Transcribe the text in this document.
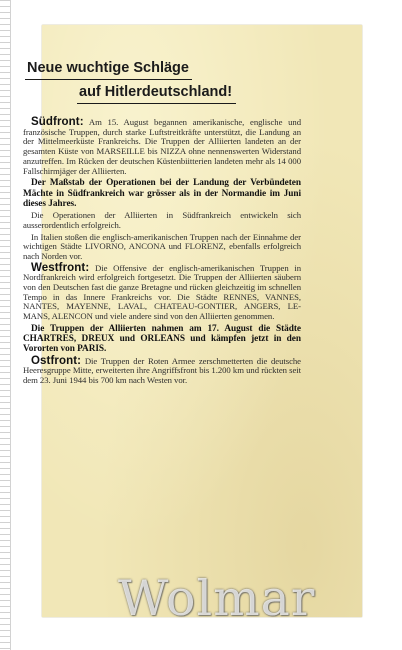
Neue wuchtige Schläge
auf Hitlerdeutschland!

Südfront: Am 15. August begannen amerikanische, englische und französische Truppen, durch starke Luftstreitkräfte unterstützt, die Landung an der Mittelmeerküste Frankreichs. Die Truppen der Alliierten landeten an der gesamten Küste von MARSEILLE bis NIZZA ohne nennenswerten Widerstand anzutreffen. Im Rücken der deutschen Küstenbiitterien landeten mehr als 14 000 Fallschirmjäger der Alliierten.

Der Maßstab der Operationen bei der Landung der Verbündeten Mächte in Südfrankreich war grösser als in der Normandie im Juni dieses Jahres.

Die Operationen der Alliierten in Südfrankreich entwickeln sich ausserordentlich erfolgreich.

In Italien stoßen die englisch-amerikanischen Truppen nach der Einnahme der wichtigen Städte LIVORNO, ANCONA und FLORENZ, ebenfalls erfolgreich nach Norden vor.

Westfront: Die Offensive der englisch-amerikanischen Truppen in Nordfrankreich wird erfolgreich fortgesetzt. Die Truppen der Alliierten säubern von den Deutschen fast die ganze Bretagne und rücken gleichzeitig im schnellen Tempo in das Innere Frankreichs vor. Die Städte RENNES, VANNES, NANTES, MAYENNE, LAVAL, CHATEAU-GONTIER, ANGERS, LE-MANS, ALENCON und viele andere sind von den Alliierten genommen.

Die Truppen der Alliierten nahmen am 17. August die Städte CHARTRES, DREUX und ORLEANS und kämpfen jetzt in den Vororten von PARIS.

Ostfront: Die Truppen der Roten Armee zerschmetterten die deutsche Heeresgruppe Mitte, erweiterten ihre Angriffsfront bis 1.200 km und rückten seit dem 23. Juni 1944 bis 700 km nach Westen vor.

Wolmar
